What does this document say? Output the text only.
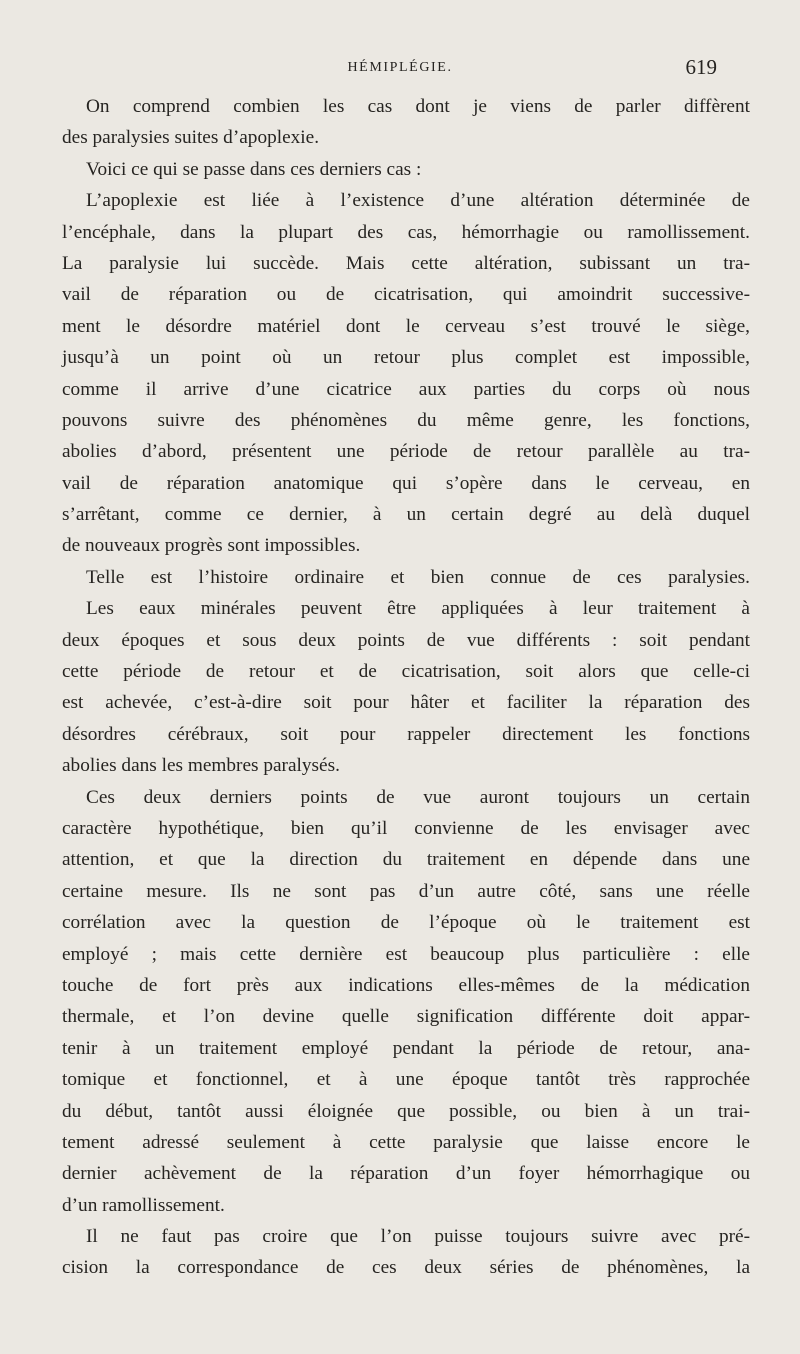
HÉMIPLÉGIE.	619
On comprend combien les cas dont je viens de parler diffèrent
des paralysies suites d’apoplexie.
Voici ce qui se passe dans ces derniers cas :
L’apoplexie est liée à l’existence d’une altération déterminée de
l’encéphale, dans la plupart des cas, hémorrhagie ou ramollissement.
La paralysie lui succède. Mais cette altération, subissant un tra-
vail de réparation ou de cicatrisation, qui amoindrit successive-
ment le désordre matériel dont le cerveau s’est trouvé le siège,
jusqu’à un point où un retour plus complet est impossible,
comme il arrive d’une cicatrice aux parties du corps où nous
pouvons suivre des phénomènes du même genre, les fonctions,
abolies d’abord, présentent une période de retour parallèle au tra-
vail de réparation anatomique qui s’opère dans le cerveau, en
s’arrêtant, comme ce dernier, à un certain degré au delà duquel
de nouveaux progrès sont impossibles.
Telle est l’histoire ordinaire et bien connue de ces paralysies.
Les eaux minérales peuvent être appliquées à leur traitement à
deux époques et sous deux points de vue différents : soit pendant
cette période de retour et de cicatrisation, soit alors que celle-ci
est achevée, c’est-à-dire soit pour hâter et faciliter la réparation des
désordres cérébraux, soit pour rappeler directement les fonctions
abolies dans les membres paralysés.
Ces deux derniers points de vue auront toujours un certain
caractère hypothétique, bien qu’il convienne de les envisager avec
attention, et que la direction du traitement en dépende dans une
certaine mesure. Ils ne sont pas d’un autre côté, sans une réelle
corrélation avec la question de l’époque où le traitement est
employé ; mais cette dernière est beaucoup plus particulière : elle
touche de fort près aux indications elles-mêmes de la médication
thermale, et l’on devine quelle signification différente doit appar-
tenir à un traitement employé pendant la période de retour, ana-
tomique et fonctionnel, et à une époque tantôt très rapprochée
du début, tantôt aussi éloignée que possible, ou bien à un trai-
tement adressé seulement à cette paralysie que laisse encore le
dernier achèvement de la réparation d’un foyer hémorrhagique ou
d’un ramollissement.
Il ne faut pas croire que l’on puisse toujours suivre avec pré-
cision la correspondance de ces deux séries de phénomènes, la
